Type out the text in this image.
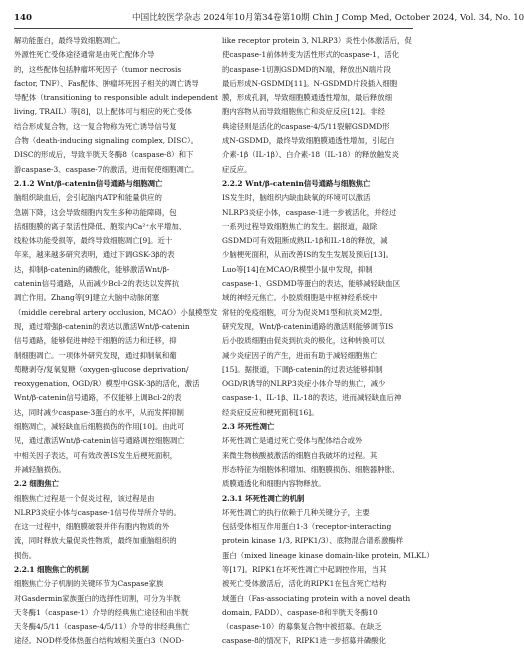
140	中国比较医学杂志 2024年10月第34卷第10期 Chin J Comp Med, October 2024, Vol. 34, No. 10
解功能蛋白，最终导致细胞凋亡。
外源性死亡受体途径通常是由死亡配体介导
的，这些配体包括肿瘤坏死因子（tumor necrosis
factor, TNF）、Fas配体、肿瘤坏死因子相关的凋亡诱导
导配体（transitioning to responsible adult independent
living, TRAIL）等[8]，以上配体可与相应的死亡受体
结合形成复合物，这一复合物称为死亡诱导信号复
合物（death-inducing signaling complex, DISC）。
DISC的形成后，导致半胱天冬酶8（caspase-8）和下
游caspase-3、caspase-7的激活，进而促使细胞凋亡。
2.1.2 Wnt/β-catenin信号通路与细胞凋亡
脑组织缺血后，会引起脑内ATP和能量供应的
急剧下降，这会导致细胞内发生多种功能障碍，包
括细胞膜的离子泵活性降低、胞浆内Ca²⁺水平增加、
线粒体功能受损等，最终导致细胞凋亡[9]。近十
年来，越来越多研究表明，通过下调GSK-3β的表
达，抑制β-catenin的磷酸化，能够激活Wnt/β-
catenin信号通路，从而减少Bcl-2的表达以发挥抗
凋亡作用。Zhang等[9]建立大脑中动脉闭塞
（middle cerebral artery occlusion, MCAO）小鼠模型发
现，通过增强β-catenin的表达以激活Wnt/β-catenin
信号通路，能够促进神经干细胞的活力和迁移，抑
制细胞凋亡。一项体外研究发现，通过抑制氧和葡
萄糖剥夺/复氧复糖（oxygen-glucose deprivation/
reoxygenation, OGD/R）模型中GSK-3β的活化，激活
Wnt/β-catenin信号通路，不仅能够上调Bcl-2的表
达，同时减少caspase-3蛋白的水平，从而发挥抑制
细胞凋亡，减轻缺血后细胞损伤的作用[10]。由此可
见，通过激活Wnt/β-catenin信号通路调控细胞凋亡
中相关因子表达，可有效改善IS发生后梗死面积，
并减轻脑损伤。
2.2 细胞焦亡
细胞焦亡过程是一个促炎过程，该过程是由
NLRP3炎症小体与caspase-1信号传导所介导的。
在这一过程中，细胞膜破裂并伴有胞内物质的外
流，同时释放大量促炎性物质，最终加重脑组织的
损伤。
2.2.1 细胞焦亡的机制
细胞焦亡分子机制的关键环节为Caspase家族
对Gasdermin家族蛋白的选择性切割，可分为半胱
天冬酶1（caspase-1）介导的经典焦亡途径和由半胱
天冬酶4/5/11（caspase-4/5/11）介导的非经典焦亡
途径。NOD样受体热蛋白结构域相关蛋白3（NOD-
like receptor protein 3, NLRP3）炎性小体激活后，促
使caspase-1前体转变为活性形式的caspase-1，活化
的caspase-1切割GSDMD的N端，释放出N端片段
最后形成N-GSDMD[11]。N-GSDMD片段插入细胞
膜，形成孔洞，导致细胞膜通透性增加，最后释放细
胞内容物从而导致细胞焦亡和炎症反应[12]。非经
典途径则是活化的caspase-4/5/11裂解GSDMD形
成N-GSDMD，最终导致细胞膜通透性增加，引起白
介素-1β（IL-1β）、白介素-18（IL-18）的释放触发炎
症反应。
2.2.2 Wnt/β-catenin信号通路与细胞焦亡
IS发生时，脑组织内缺血缺氧的环境可以激活
NLRP3炎症小体，caspase-1进一步被活化，并经过
一系列过程导致细胞焦亡的发生。据报道，敲除
GSDMD可有效阻断成熟IL-1β和IL-18的释放，减
少脑梗死面积，从而改善IS的发生发展及预后[13]。
Luo等[14]在MCAO/R模型小鼠中发现，抑制
caspase-1、GSDMD等蛋白的表达，能够减轻缺血区
域的神经元焦亡。小胶质细胞是中枢神经系统中
常驻的免疫细胞，可分为促炎M1型和抗炎M2型。
研究发现，Wnt/β-catenin通路的激活则能够调节IS
后小胶质细胞由促炎到抗炎的极化，这种转换可以
减少炎症因子的产生，进而有助于减轻细胞焦亡
[15]。据报道，下调β-catenin的过表达能够抑制
OGD/R诱导的NLRP3炎症小体介导的焦亡，减少
caspase-1、IL-1β、IL-18的表达，进而减轻缺血后神
经炎症反应和梗死面积[16]。
2.3 坏死性凋亡
坏死性凋亡是通过死亡受体与配体结合或外
来微生物核酸被激活的细胞自我破坏的过程。其
形态特征为细胞体积增加、细胞膜损伤、细胞器肿胀、
质膜通透化和细胞内容物释放。
2.3.1 坏死性凋亡的机制
坏死性凋亡的执行依赖于几种关键分子，主要
包括受体相互作用蛋白1-3（receptor-interacting
protein kinase 1/3, RIPK1/3）、底物混合谱系激酶样
蛋白（mixed lineage kinase domain-like protein, MLKL）
等[17]。RIPK1在坏死性凋亡中起调控作用，当其
被死亡受体激活后，活化的RIPK1在包含死亡结构
域蛋白（Fas-associating protein with a novel death
domain, FADD）、caspase-8和半胱天冬酶10
（caspase-10）的募集复合物中被招募。在缺乏
caspase-8的情况下，RIPK1进一步招募并磷酸化
